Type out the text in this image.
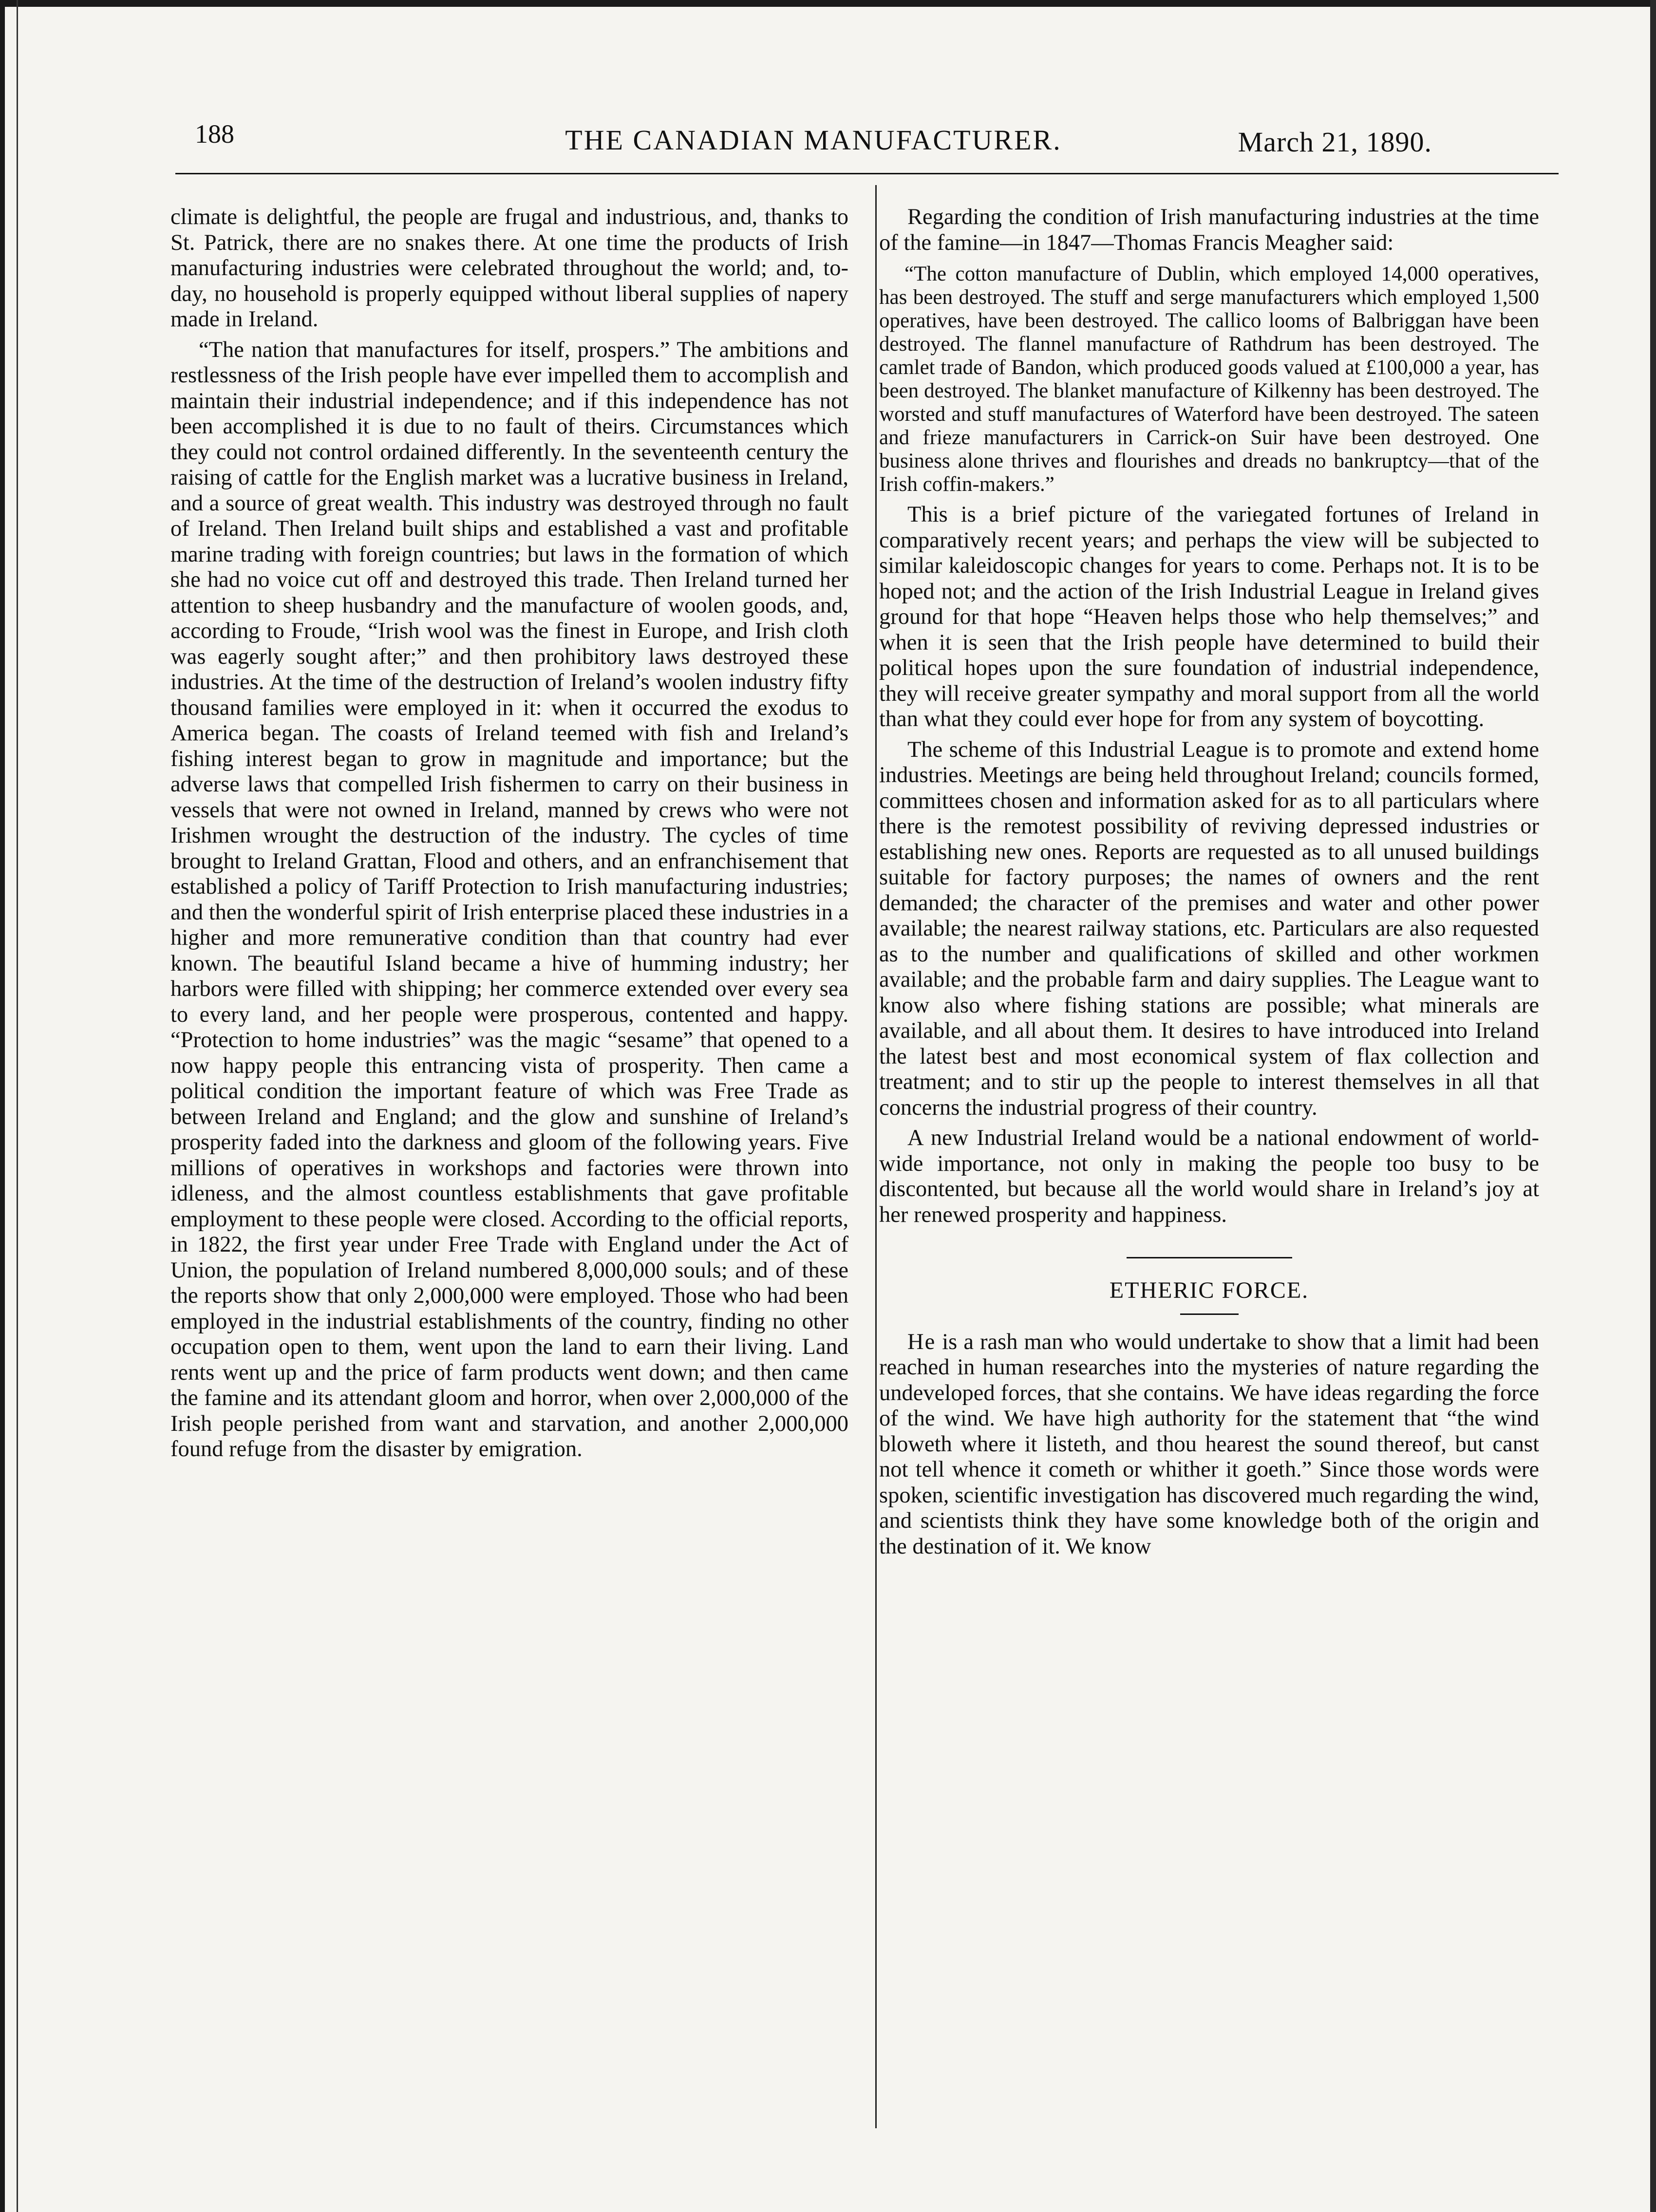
188	THE CANADIAN MANUFACTURER.	March 21, 1890.

climate is delightful, the people are frugal and industrious, and, thanks to St. Patrick, there are no snakes there. At one time the products of Irish manufacturing industries were celebrated throughout the world; and, to-day, no household is properly equipped without liberal supplies of napery made in Ireland.

“The nation that manufactures for itself, prospers.” The ambitions and restlessness of the Irish people have ever impelled them to accomplish and maintain their industrial independence; and if this independence has not been accomplished it is due to no fault of theirs. Circumstances which they could not control ordained differently. In the seventeenth century the raising of cattle for the English market was a lucrative business in Ireland, and a source of great wealth. This industry was destroyed through no fault of Ireland. Then Ireland built ships and established a vast and profitable marine trading with foreign countries; but laws in the formation of which she had no voice cut off and destroyed this trade. Then Ireland turned her attention to sheep husbandry and the manufacture of woolen goods, and, according to Froude, “Irish wool was the finest in Europe, and Irish cloth was eagerly sought after;” and then prohibitory laws destroyed these industries. At the time of the destruction of Ireland’s woolen industry fifty thousand families were employed in it: when it occurred the exodus to America began. The coasts of Ireland teemed with fish and Ireland’s fishing interest began to grow in magnitude and importance; but the adverse laws that compelled Irish fishermen to carry on their business in vessels that were not owned in Ireland, manned by crews who were not Irishmen wrought the destruction of the industry. The cycles of time brought to Ireland Grattan, Flood and others, and an enfranchisement that established a policy of Tariff Protection to Irish manufacturing industries; and then the wonderful spirit of Irish enterprise placed these industries in a higher and more remunerative condition than that country had ever known. The beautiful Island became a hive of humming industry; her harbors were filled with shipping; her commerce extended over every sea to every land, and her people were prosperous, contented and happy. “Protection to home industries” was the magic “sesame” that opened to a now happy people this entrancing vista of prosperity. Then came a political condition the important feature of which was Free Trade as between Ireland and England; and the glow and sunshine of Ireland’s prosperity faded into the darkness and gloom of the following years. Five millions of operatives in workshops and factories were thrown into idleness, and the almost countless establishments that gave profitable employment to these people were closed. According to the official reports, in 1822, the first year under Free Trade with England under the Act of Union, the population of Ireland numbered 8,000,000 souls; and of these the reports show that only 2,000,000 were employed. Those who had been employed in the industrial establishments of the country, finding no other occupation open to them, went upon the land to earn their living. Land rents went up and the price of farm products went down; and then came the famine and its attendant gloom and horror, when over 2,000,000 of the Irish people perished from want and starvation, and another 2,000,000 found refuge from the disaster by emigration.

Regarding the condition of Irish manufacturing industries at the time of the famine—in 1847—Thomas Francis Meagher said:

“The cotton manufacture of Dublin, which employed 14,000 operatives, has been destroyed. The stuff and serge manufacturers which employed 1,500 operatives, have been destroyed. The callico looms of Balbriggan have been destroyed. The flannel manufacture of Rathdrum has been destroyed. The camlet trade of Bandon, which produced goods valued at £100,000 a year, has been destroyed. The blanket manufacture of Kilkenny has been destroyed. The worsted and stuff manufactures of Waterford have been destroyed. The sateen and frieze manufacturers in Carrick-on Suir have been destroyed. One business alone thrives and flourishes and dreads no bankruptcy—that of the Irish coffin-makers.”

This is a brief picture of the variegated fortunes of Ireland in comparatively recent years; and perhaps the view will be subjected to similar kaleidoscopic changes for years to come. Perhaps not. It is to be hoped not; and the action of the Irish Industrial League in Ireland gives ground for that hope “Heaven helps those who help themselves;” and when it is seen that the Irish people have determined to build their political hopes upon the sure foundation of industrial independence, they will receive greater sympathy and moral support from all the world than what they could ever hope for from any system of boycotting.

The scheme of this Industrial League is to promote and extend home industries. Meetings are being held throughout Ireland; councils formed, committees chosen and information asked for as to all particulars where there is the remotest possibility of reviving depressed industries or establishing new ones. Reports are requested as to all unused buildings suitable for factory purposes; the names of owners and the rent demanded; the character of the premises and water and other power available; the nearest railway stations, etc. Particulars are also requested as to the number and qualifications of skilled and other workmen available; and the probable farm and dairy supplies. The League want to know also where fishing stations are possible; what minerals are available, and all about them. It desires to have introduced into Ireland the latest best and most economical system of flax collection and treatment; and to stir up the people to interest themselves in all that concerns the industrial progress of their country.

A new Industrial Ireland would be a national endowment of world-wide importance, not only in making the people too busy to be discontented, but because all the world would share in Ireland’s joy at her renewed prosperity and happiness.

ETHERIC FORCE.

He is a rash man who would undertake to show that a limit had been reached in human researches into the mysteries of nature regarding the undeveloped forces, that she contains. We have ideas regarding the force of the wind. We have high authority for the statement that “the wind bloweth where it listeth, and thou hearest the sound thereof, but canst not tell whence it cometh or whither it goeth.” Since those words were spoken, scientific investigation has discovered much regarding the wind, and scientists think they have some knowledge both of the origin and the destination of it. We know
